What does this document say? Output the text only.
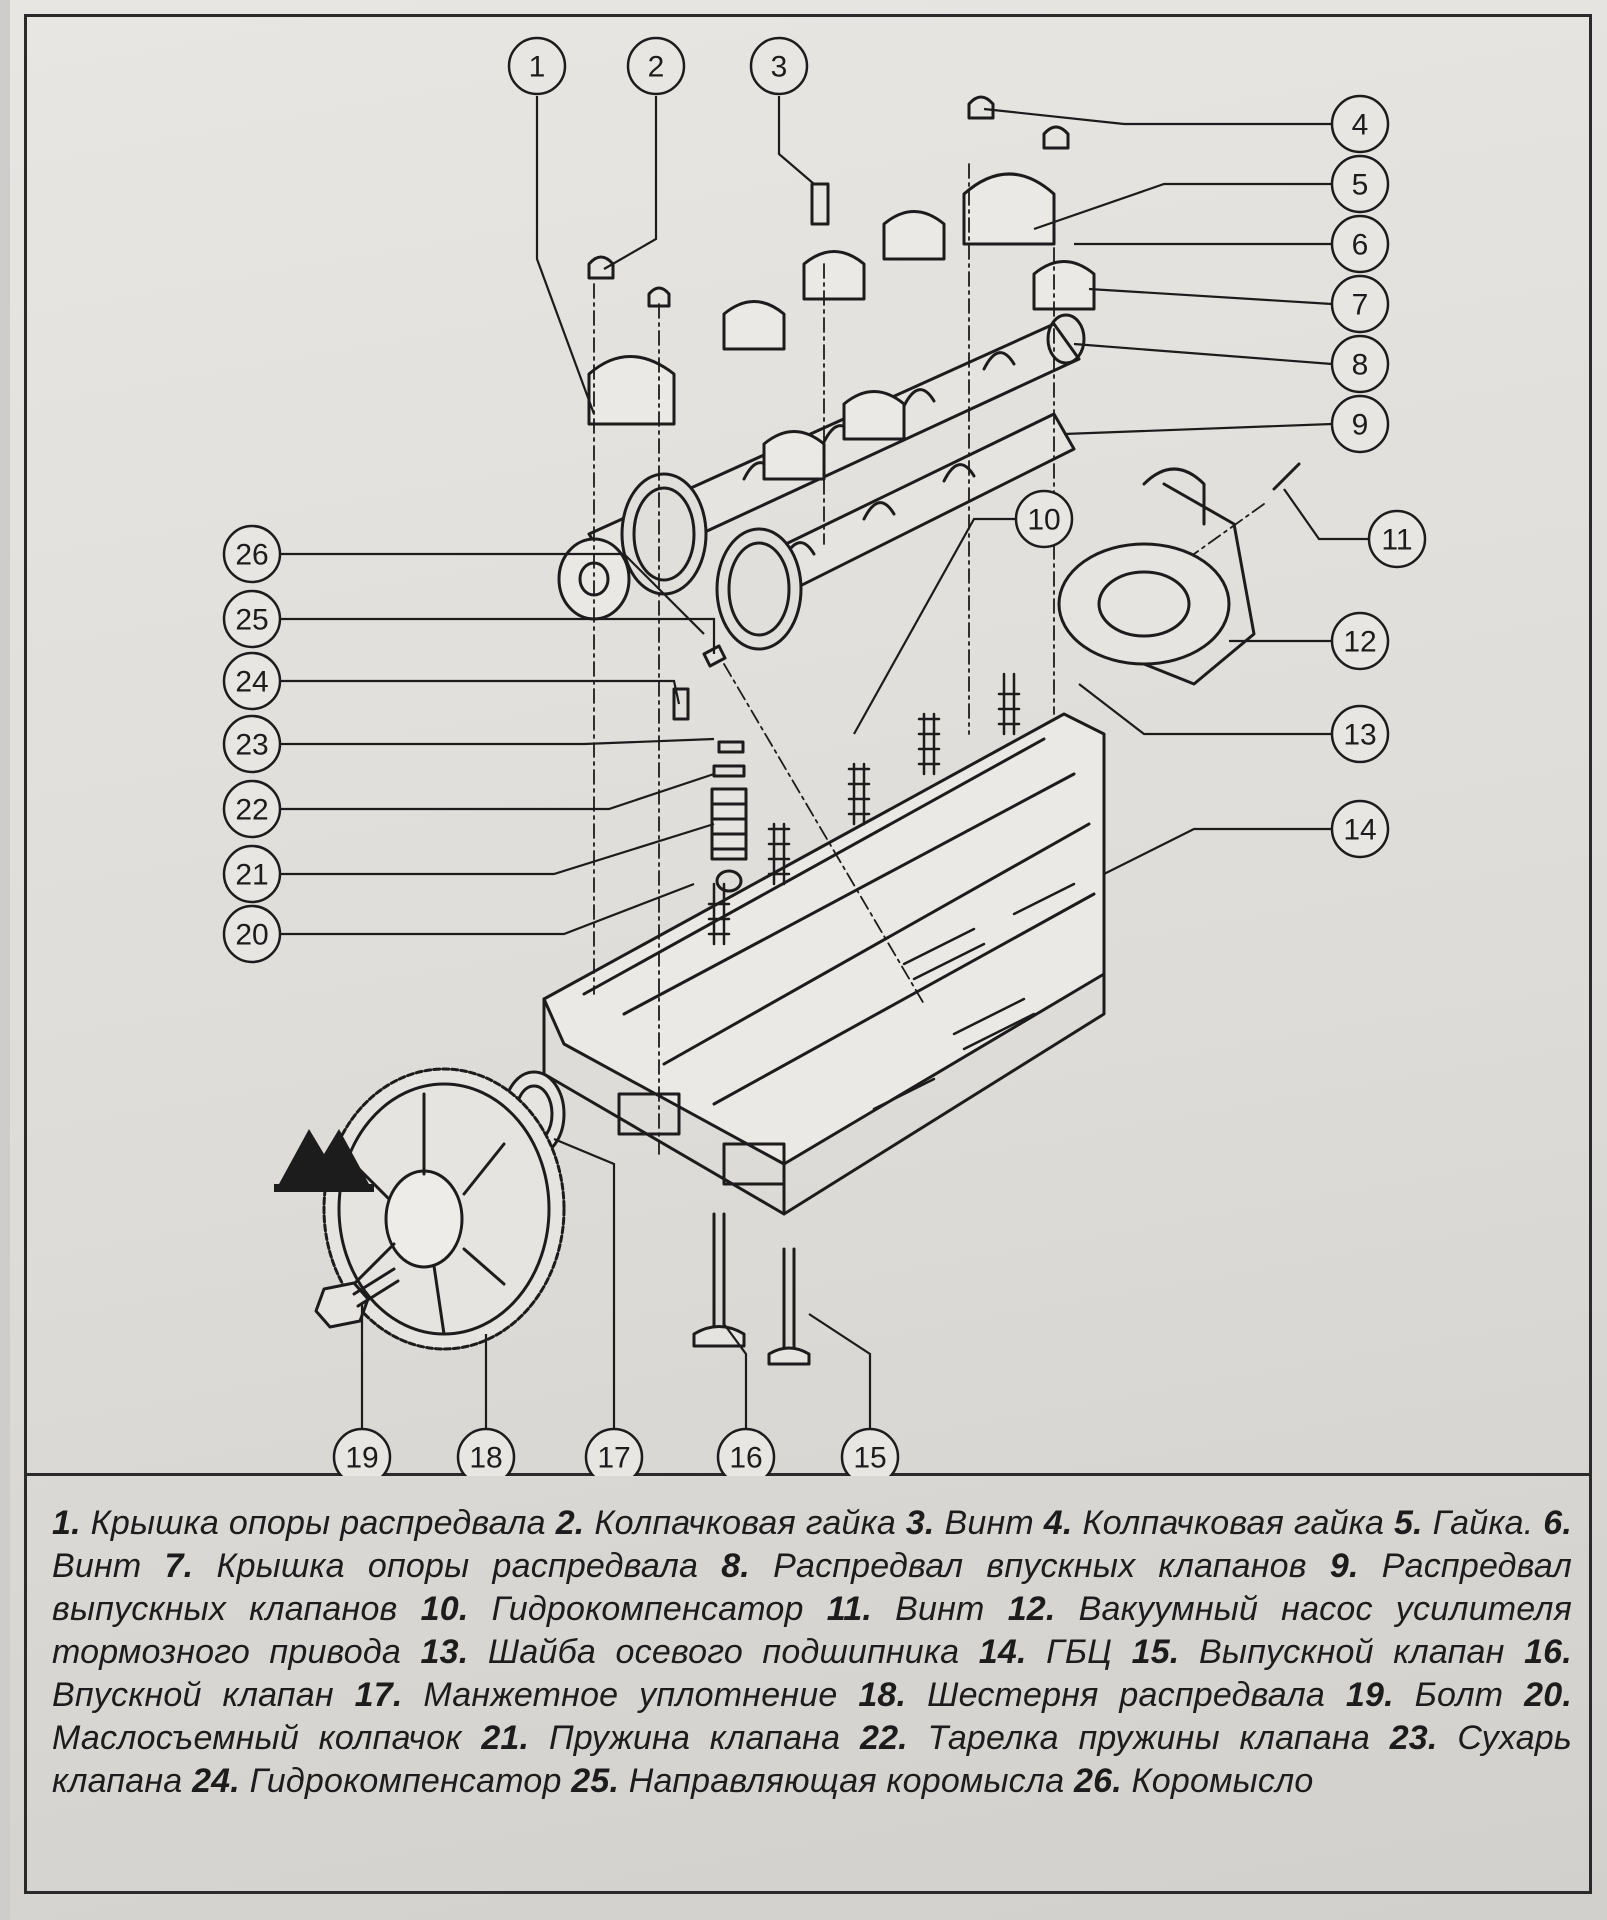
1	2	3
4
5
6
7
8
9
10
11
12
13
14
15
16
17
18
19
20
21
22
23
24
25
26
1. Крышка опоры распредвала 2. Колпачковая гайка 3. Винт 4. Колпачковая гайка 5. Гайка. 6. Винт 7. Крышка опоры распредвала 8. Распредвал впускных клапанов 9. Распредвал выпускных клапанов 10. Гидрокомпенсатор 11. Винт 12. Вакуумный насос усилителя тормозного привода 13. Шайба осевого подшипника 14. ГБЦ 15. Выпускной клапан 16. Впускной клапан 17. Манжетное уплотнение 18. Шестерня распредвала 19. Болт 20. Маслосъемный колпачок 21. Пружина клапана 22. Тарелка пружины клапана 23. Сухарь клапана 24. Гидрокомпенсатор 25. Направляющая коромысла 26. Коромысло
